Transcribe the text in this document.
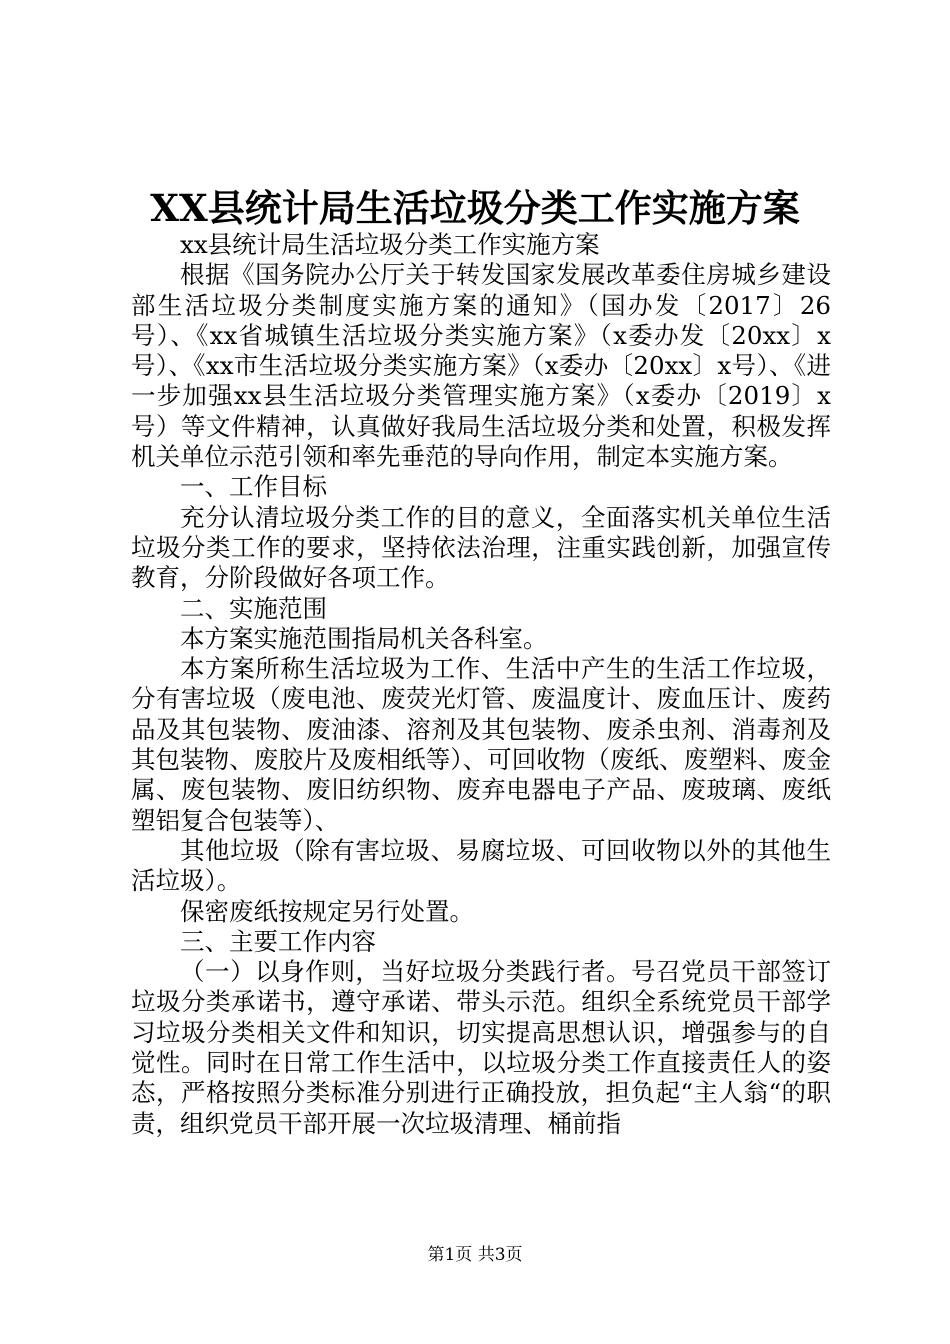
XX县统计局生活垃圾分类工作实施方案

xx县统计局生活垃圾分类工作实施方案

根据《国务院办公厅关于转发国家发展改革委住房城乡建设部生活垃圾分类制度实施方案的通知》（国办发〔2017〕26号）、《xx省城镇生活垃圾分类实施方案》（x委办发〔20xx〕x号）、《xx市生活垃圾分类实施方案》（x委办〔20xx〕x号）、《进一步加强xx县生活垃圾分类管理实施方案》（x委办〔2019〕x号）等文件精神，认真做好我局生活垃圾分类和处置，积极发挥机关单位示范引领和率先垂范的导向作用，制定本实施方案。

一、工作目标

充分认清垃圾分类工作的目的意义，全面落实机关单位生活垃圾分类工作的要求，坚持依法治理，注重实践创新，加强宣传教育，分阶段做好各项工作。

二、实施范围

本方案实施范围指局机关各科室。

本方案所称生活垃圾为工作、生活中产生的生活工作垃圾，分有害垃圾（废电池、废荧光灯管、废温度计、废血压计、废药品及其包装物、废油漆、溶剂及其包装物、废杀虫剂、消毒剂及其包装物、废胶片及废相纸等）、可回收物（废纸、废塑料、废金属、废包装物、废旧纺织物、废弃电器电子产品、废玻璃、废纸塑铝复合包装等）、

其他垃圾（除有害垃圾、易腐垃圾、可回收物以外的其他生活垃圾）。

保密废纸按规定另行处置。

三、主要工作内容

（一）以身作则，当好垃圾分类践行者。号召党员干部签订垃圾分类承诺书，遵守承诺、带头示范。组织全系统党员干部学习垃圾分类相关文件和知识，切实提高思想认识，增强参与的自觉性。同时在日常工作生活中，以垃圾分类工作直接责任人的姿态，严格按照分类标准分别进行正确投放，担负起“主人翁“的职责，组织党员干部开展一次垃圾清理、桶前指

第1页 共3页
